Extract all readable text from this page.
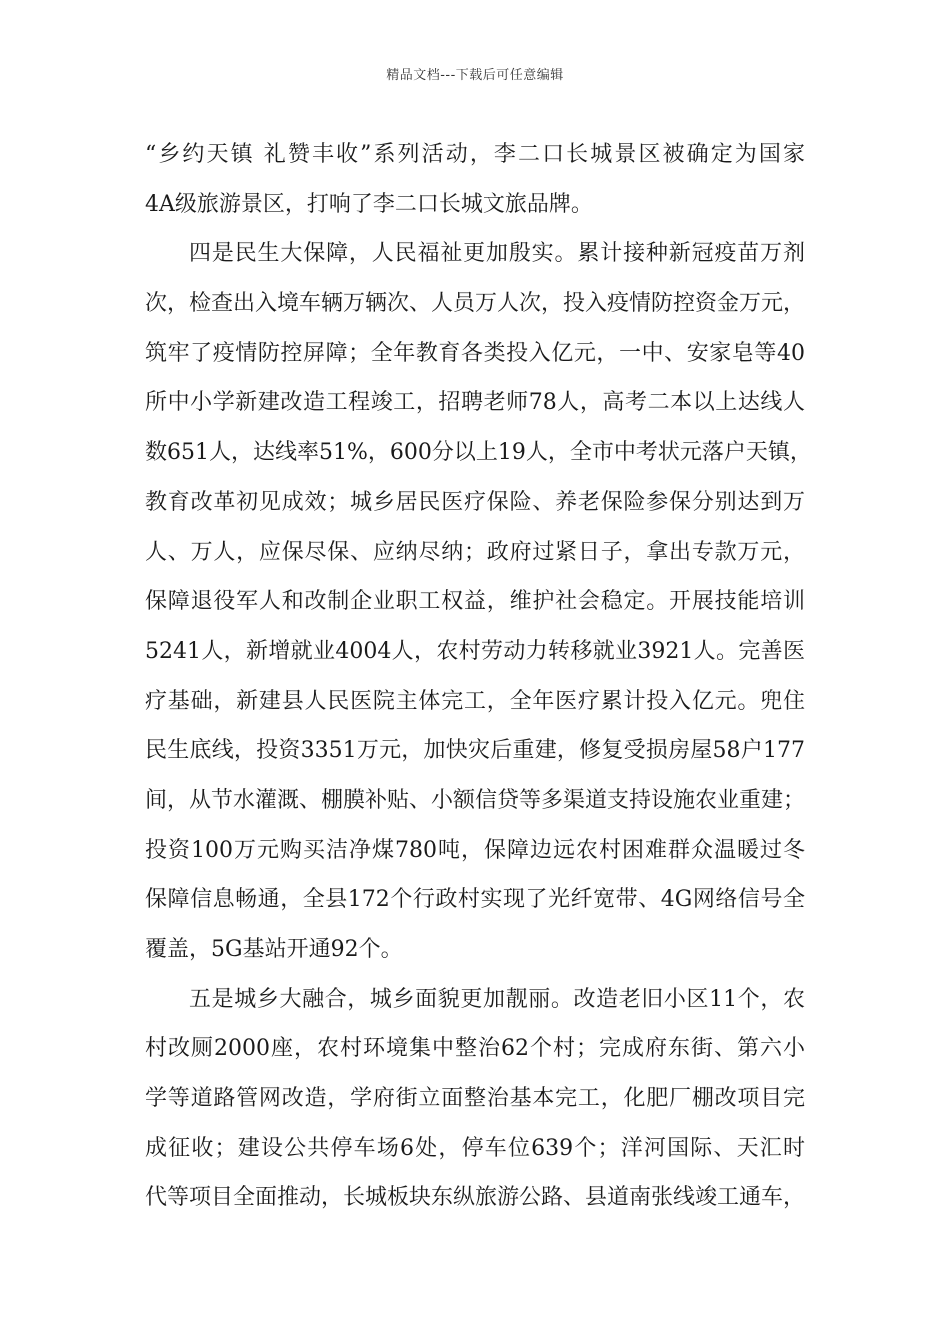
精品文档---下载后可任意编辑
“乡约天镇 礼赞丰收”系列活动，李二口长城景区被确定为国家
4A级旅游景区，打响了李二口长城文旅品牌。
四是民生大保障，人民福祉更加殷实。累计接种新冠疫苗万剂
次，检查出入境车辆万辆次、人员万人次，投入疫情防控资金万元，
筑牢了疫情防控屏障；全年教育各类投入亿元，一中、安家皂等40
所中小学新建改造工程竣工，招聘老师78人，高考二本以上达线人
数651人，达线率51%，600分以上19人，全市中考状元落户天镇，
教育改革初见成效；城乡居民医疗保险、养老保险参保分别达到万
人、万人，应保尽保、应纳尽纳；政府过紧日子，拿出专款万元，
保障退役军人和改制企业职工权益，维护社会稳定。开展技能培训
5241人，新增就业4004人，农村劳动力转移就业3921人。完善医
疗基础，新建县人民医院主体完工，全年医疗累计投入亿元。兜住
民生底线，投资3351万元，加快灾后重建，修复受损房屋58户177
间，从节水灌溉、棚膜补贴、小额信贷等多渠道支持设施农业重建；
投资100万元购买洁净煤780吨，保障边远农村困难群众温暖过冬
保障信息畅通，全县172个行政村实现了光纤宽带、4G网络信号全
覆盖，5G基站开通92个。
五是城乡大融合，城乡面貌更加靓丽。改造老旧小区11个，农
村改厕2000座，农村环境集中整治62个村；完成府东街、第六小
学等道路管网改造，学府街立面整治基本完工，化肥厂棚改项目完
成征收；建设公共停车场6处，停车位639个；洋河国际、天汇时
代等项目全面推动，长城板块东纵旅游公路、县道南张线竣工通车，
